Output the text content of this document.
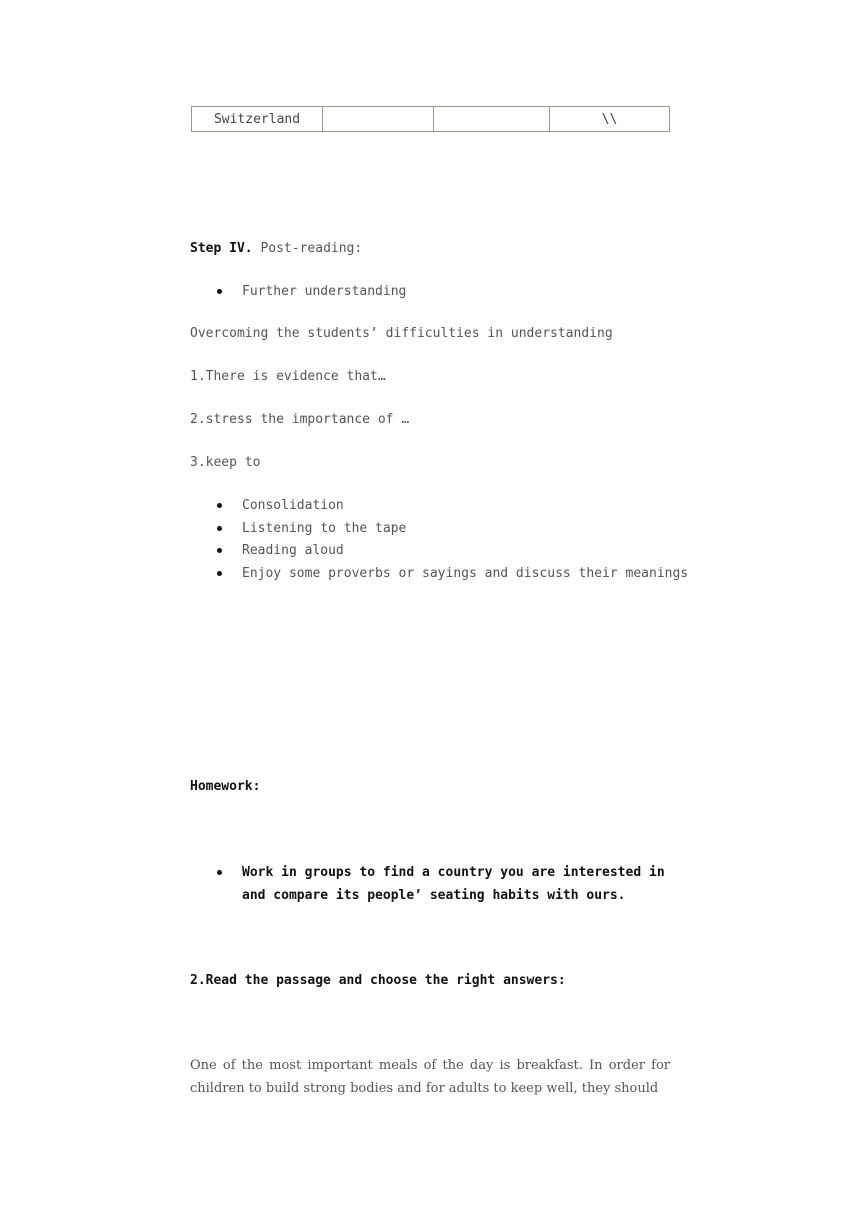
Switzerland			\\
Step IV. Post-reading:
Further understanding
Overcoming the students’ difficulties in understanding
1.There is evidence that…
2.stress the importance of …
3.keep to
Consolidation
Listening to the tape
Reading aloud
Enjoy some proverbs or sayings and discuss their meanings
Homework:
Work in groups to find a country you are interested in and compare its people’ seating habits with ours.
2.Read the passage and choose the right answers:
One of the most important meals of the day is breakfast. In order for children to build strong bodies and for adults to keep well, they should
